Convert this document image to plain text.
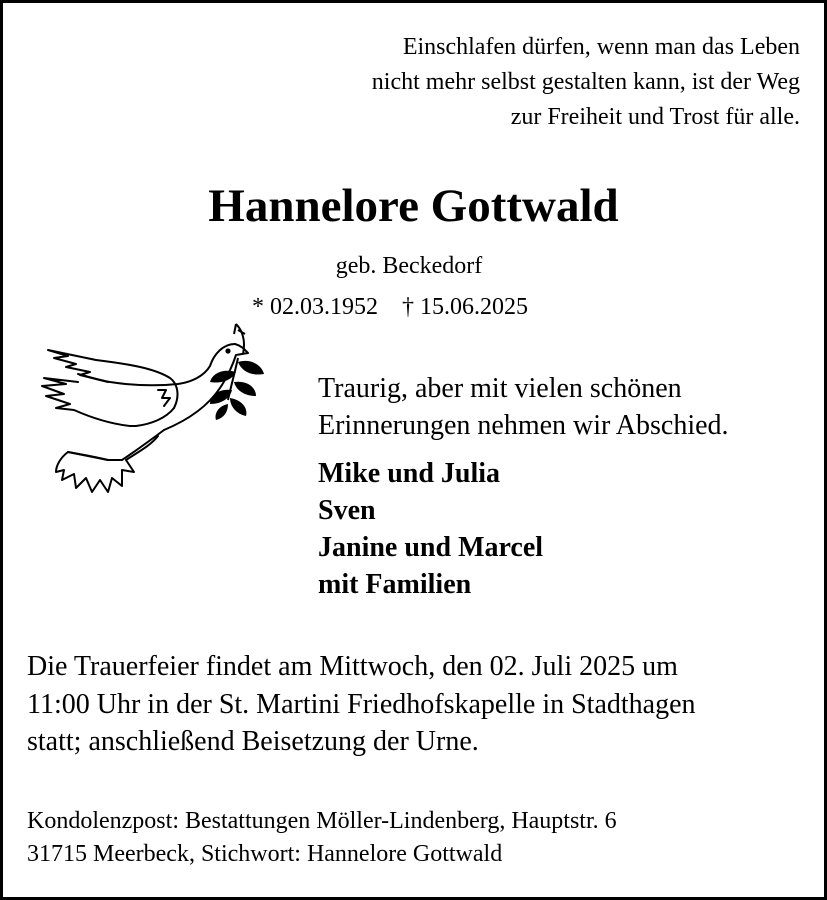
Einschlafen dürfen, wenn man das Leben
nicht mehr selbst gestalten kann, ist der Weg
zur Freiheit und Trost für alle.
Hannelore Gottwald
geb. Beckedorf
* 02.03.1952 † 15.06.2025
Traurig, aber mit vielen schönen
Erinnerungen nehmen wir Abschied.
Mike und Julia
Sven
Janine und Marcel
mit Familien
Die Trauerfeier findet am Mittwoch, den 02. Juli 2025 um
11:00 Uhr in der St. Martini Friedhofskapelle in Stadthagen
statt; anschließend Beisetzung der Urne.
Kondolenzpost: Bestattungen Möller-Lindenberg, Hauptstr. 6
31715 Meerbeck, Stichwort: Hannelore Gottwald
